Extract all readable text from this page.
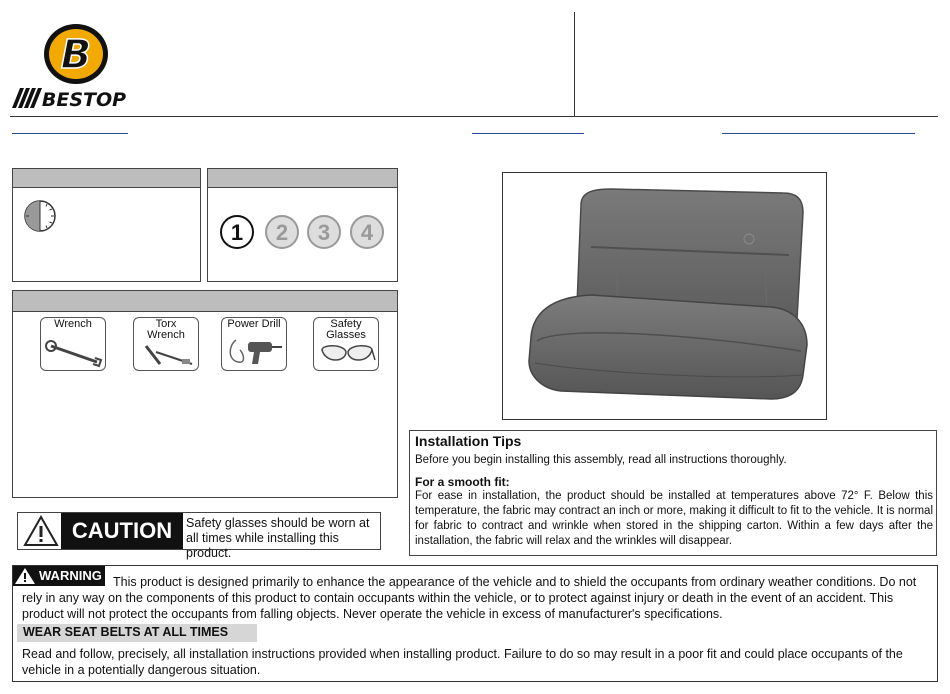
B
BESTOP
1	2	3	4
Wrench	Torx Wrench
Power Drill	Safety Glasses
CAUTION	Safety glasses should be worn at all times while installing this product.
Installation Tips
Before you begin installing this assembly, read all instructions thoroughly.
For a smooth fit:
For ease in installation, the product should be installed at temperatures above 72° F. Below this temperature, the fabric may contract an inch or more, making it difficult to fit to the vehicle. It is normal for fabric to contract and wrinkle when stored in the shipping carton. Within a few days after the installation, the fabric will relax and the wrinkles will disappear.
WARNING This product is designed primarily to enhance the appearance of the vehicle and to shield the occupants from ordinary weather conditions. Do not rely in any way on the components of this product to contain occupants within the vehicle, or to protect against injury or death in the event of an accident. This product will not protect the occupants from falling objects. Never operate the vehicle in excess of manufacturer's specifications.
WEAR SEAT BELTS AT ALL TIMES
Read and follow, precisely, all installation instructions provided when installing product. Failure to do so may result in a poor fit and could place occupants of the vehicle in a potentially dangerous situation.
